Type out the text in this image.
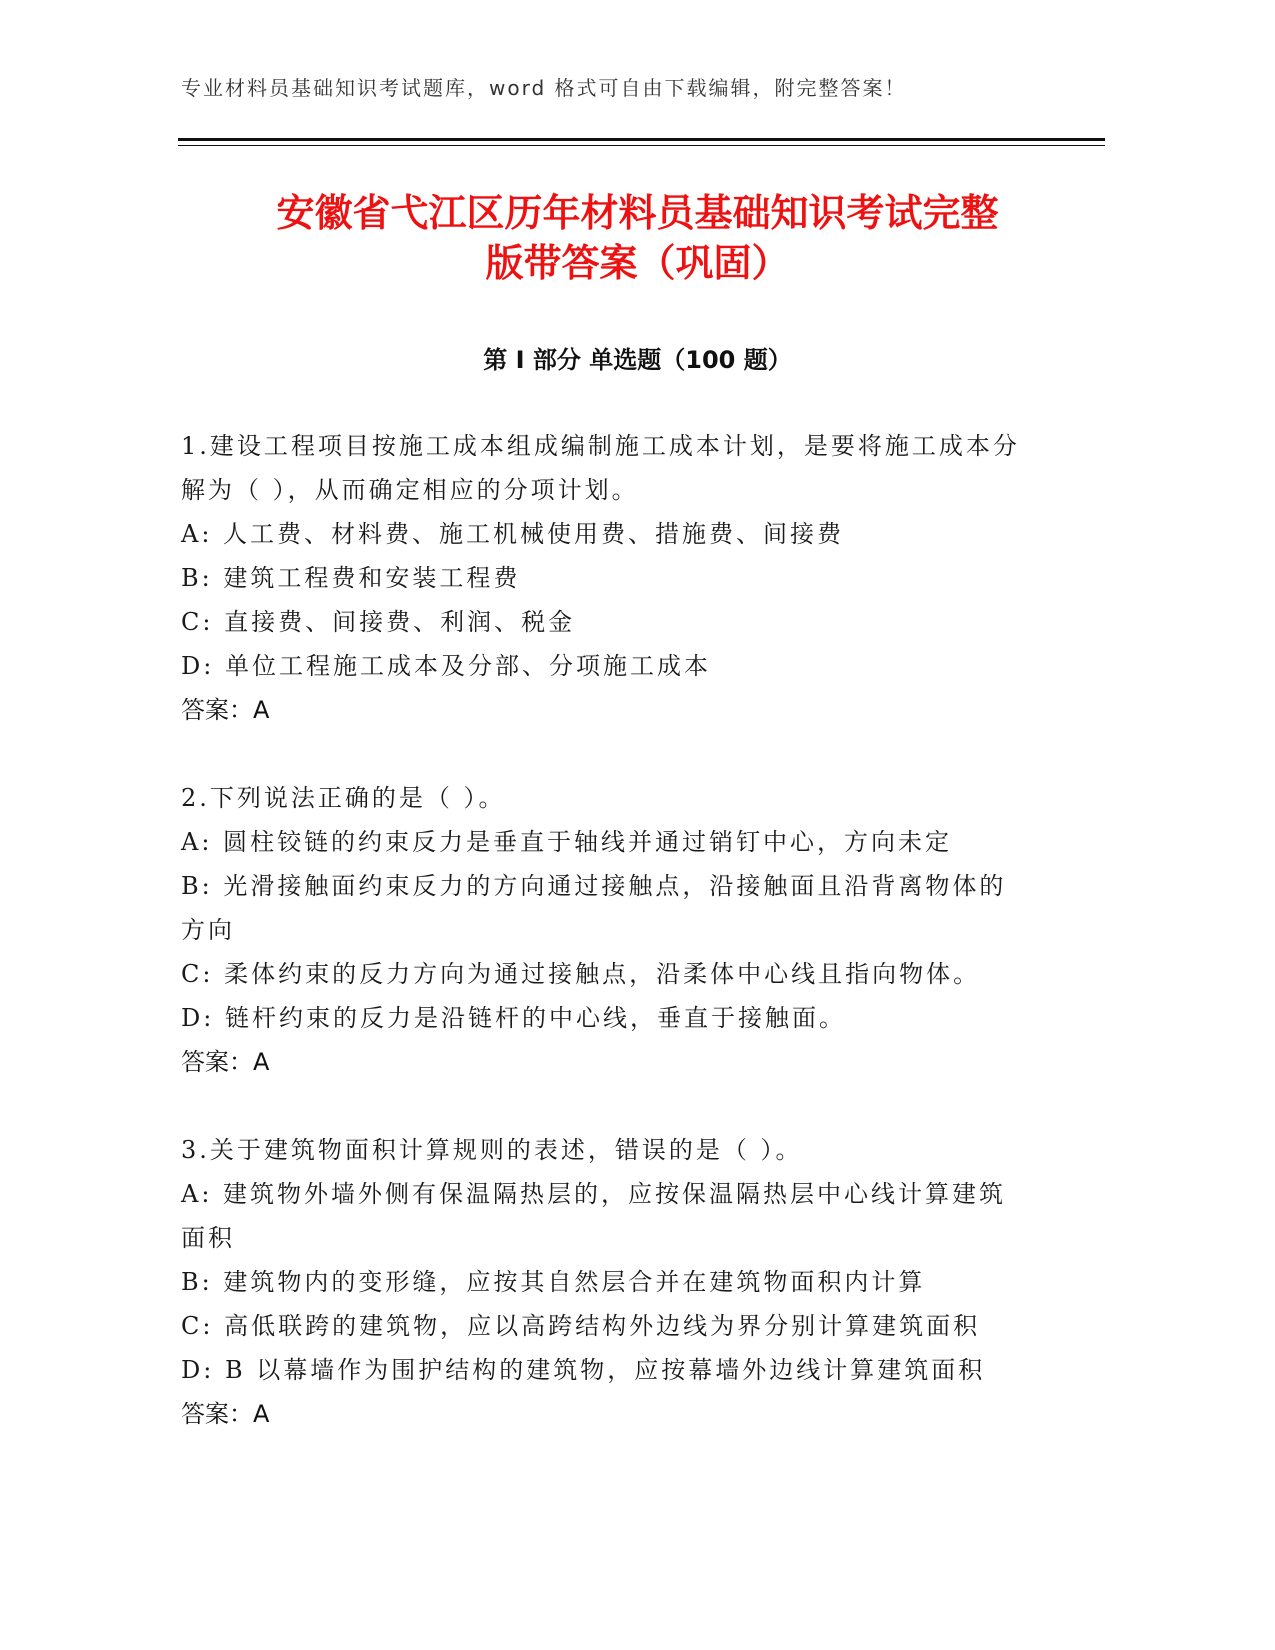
专业材料员基础知识考试题库，word 格式可自由下载编辑，附完整答案！
安徽省弋江区历年材料员基础知识考试完整
版带答案（巩固）
第 I 部分 单选题（100 题）
1.建设工程项目按施工成本组成编制施工成本计划，是要将施工成本分解为（ ），从而确定相应的分项计划。
A: 人工费、材料费、施工机械使用费、措施费、间接费
B: 建筑工程费和安装工程费
C: 直接费、间接费、利润、税金
D: 单位工程施工成本及分部、分项施工成本
答案：A
2.下列说法正确的是（ ）。
A: 圆柱铰链的约束反力是垂直于轴线并通过销钉中心，方向未定
B: 光滑接触面约束反力的方向通过接触点，沿接触面且沿背离物体的方向
C: 柔体约束的反力方向为通过接触点，沿柔体中心线且指向物体。
D: 链杆约束的反力是沿链杆的中心线，垂直于接触面。
答案：A
3.关于建筑物面积计算规则的表述，错误的是（ ）。
A: 建筑物外墙外侧有保温隔热层的，应按保温隔热层中心线计算建筑面积
B: 建筑物内的变形缝，应按其自然层合并在建筑物面积内计算
C: 高低联跨的建筑物，应以高跨结构外边线为界分别计算建筑面积
D: B 以幕墙作为围护结构的建筑物，应按幕墙外边线计算建筑面积
答案：A
